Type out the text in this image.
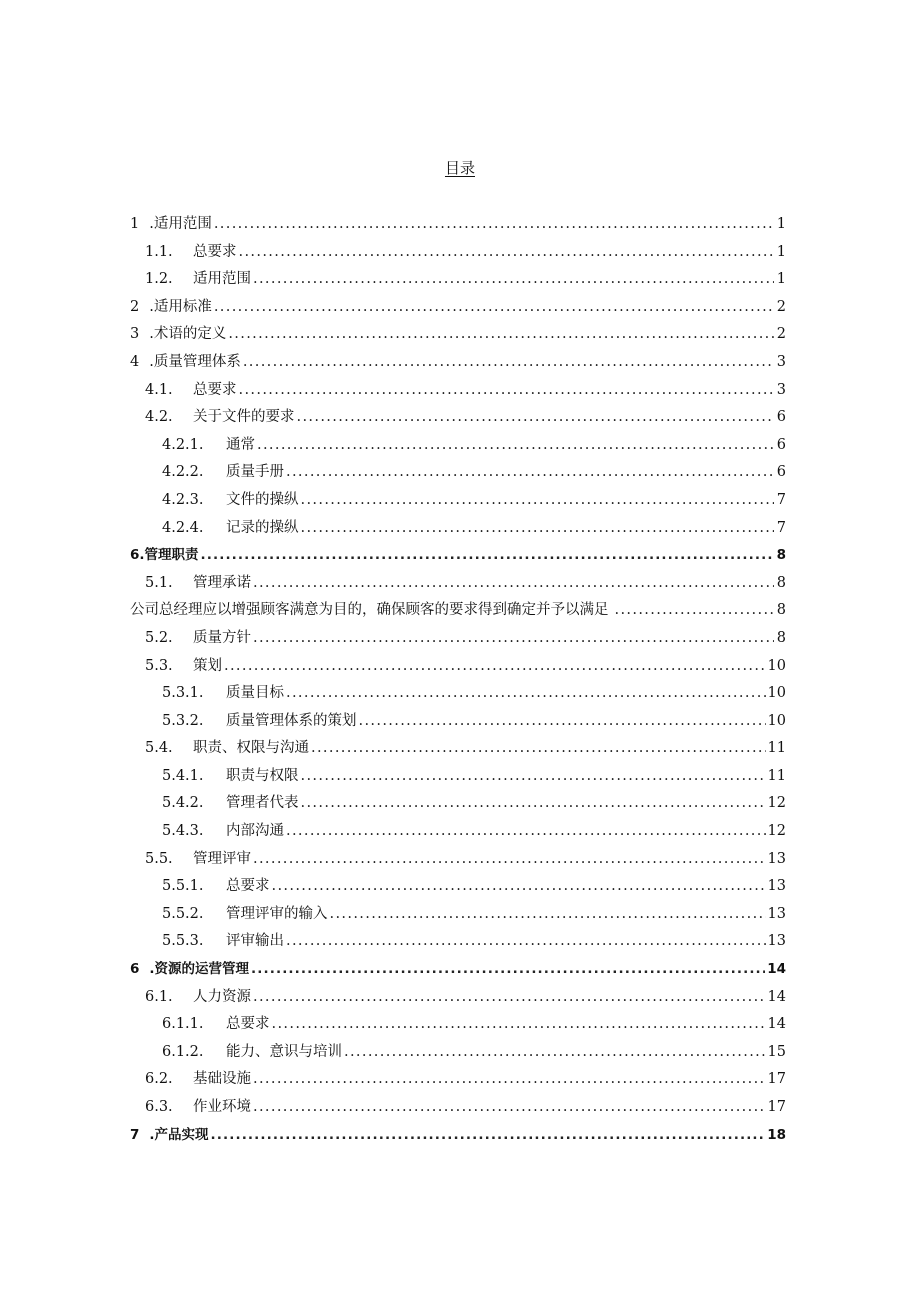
目录
1 .适用范围 .....	1
1.1.	总要求 .....	1
1.2.	适用范围 .....	1
2 .适用标准 .....	2
3 .术语的定义 .....	2
4 .质量管理体系 .....	3
4.1.	总要求 .....	3
4.2.	关于文件的要求 .....	6
4.2.1.	通常 .....	6
4.2.2.	质量手册 .....	6
4.2.3.	文件的操纵 .....	7
4.2.4.	记录的操纵 .....	7
6.管理职责 .....	8
5.1.	管理承诺 .....	8
公司总经理应以增强顾客满意为目的，确保顾客的要求得到确定并予以满足 .....	8
5.2.	质量方针 .....	8
5.3.	策划 .....	10
5.3.1.	质量目标 .....	10
5.3.2.	质量管理体系的策划 .....	10
5.4.	职责、权限与沟通 .....	11
5.4.1.	职责与权限 .....	11
5.4.2.	管理者代表 .....	12
5.4.3.	内部沟通 .....	12
5.5.	管理评审 .....	13
5.5.1.	总要求 .....	13
5.5.2.	管理评审的输入 .....	13
5.5.3.	评审输出 .....	13
6 .资源的运营管理 .....	14
6.1.	人力资源 .....	14
6.1.1.	总要求 .....	14
6.1.2.	能力、意识与培训 .....	15
6.2.	基础设施 .....	17
6.3.	作业环境 .....	17
7 .产品实现 .....	18
